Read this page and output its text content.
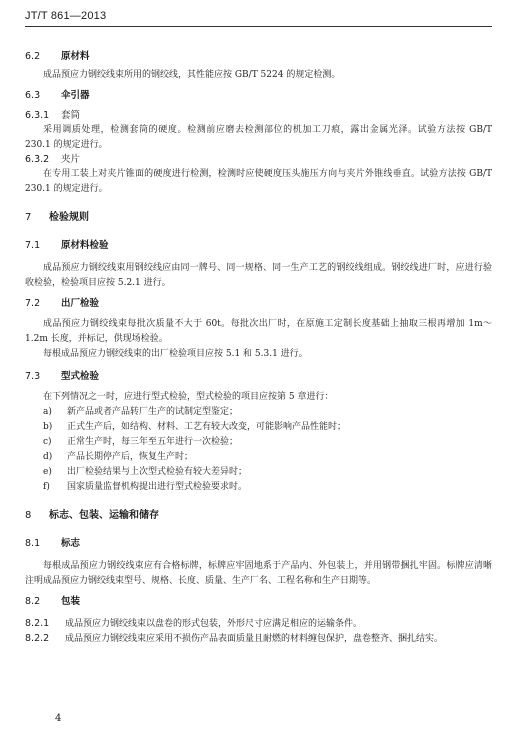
JT/T 861—2013
6.2 原材料

成品预应力钢绞线束所用的钢绞线，其性能应按 GB/T 5224 的规定检测。

6.3 伞引器
6.3.1 套筒

采用调质处理，检测套筒的硬度。检测前应磨去检测部位的机加工刀痕，露出金属光泽。试验方法按 GB/T 230.1 的规定进行。

6.3.2 夹片

在专用工装上对夹片锥面的硬度进行检测，检测时应使硬度压头施压方向与夹片外锥线垂直。试验方法按 GB/T 230.1 的规定进行。

7 检验规则
7.1 原材料检验

成品预应力钢绞线束用钢绞线应由同一牌号、同一规格、同一生产工艺的钢绞线组成。钢绞线进厂时，应进行验收检验，检验项目应按 5.2.1 进行。

7.2 出厂检验

成品预应力钢绞线束每批次质量不大于 60t。每批次出厂时，在原施工定制长度基础上抽取三根再增加 1m～1.2m 长度，并标记，供现场检验。

每根成品预应力钢绞线束的出厂检验项目应按 5.1 和 5.3.1 进行。

7.3 型式检验

在下列情况之一时，应进行型式检验，型式检验的项目应按第 5 章进行：

a) 新产品或者产品转厂生产的试制定型鉴定；
b) 正式生产后，如结构、材料、工艺有较大改变，可能影响产品性能时；
c) 正常生产时，每三年至五年进行一次检验；
d) 产品长期停产后，恢复生产时；
e) 出厂检验结果与上次型式检验有较大差异时；
f) 国家质量监督机构提出进行型式检验要求时。
8 标志、包装、运输和储存
8.1 标志

每根成品预应力钢绞线束应有合格标牌，标牌应牢固地系于产品内、外包装上，并用钢带捆扎牢固。标牌应清晰注明成品预应力钢绞线束型号、规格、长度、质量、生产厂名、工程名称和生产日期等。

8.2 包装

8.2.1 成品预应力钢绞线束以盘卷的形式包装，外形尺寸应满足相应的运输条件。

8.2.2 成品预应力钢绞线束应采用不损伤产品表面质量且耐燃的材料缠包保护，盘卷整齐、捆扎结实。

4
